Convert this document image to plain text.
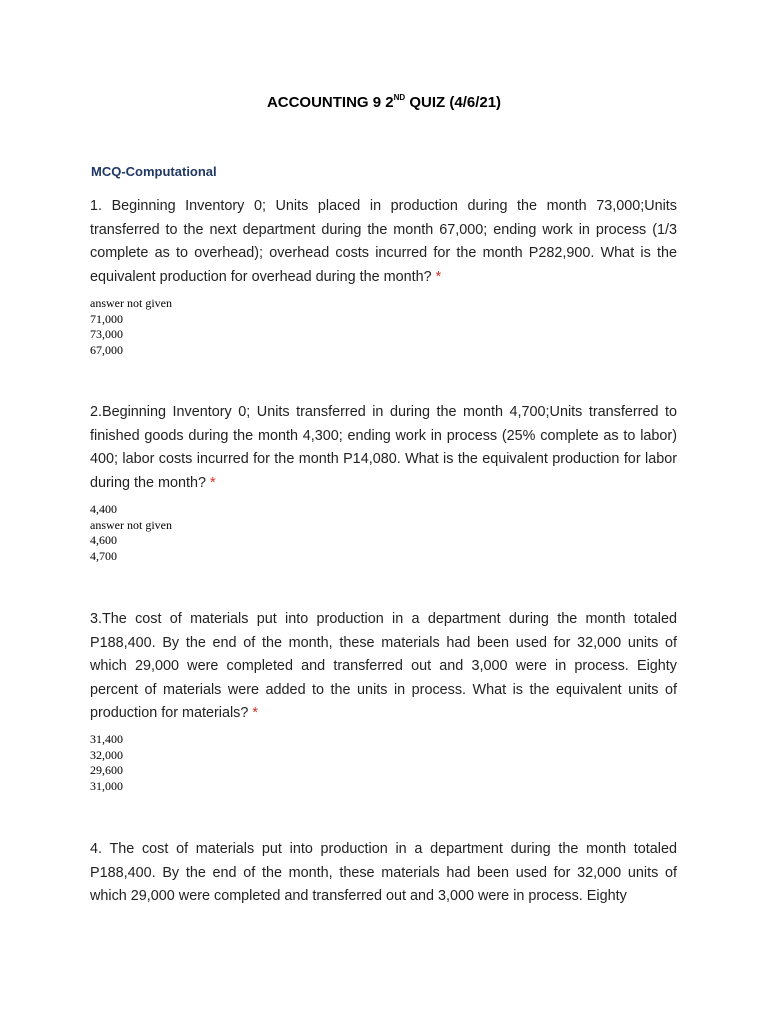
ACCOUNTING 9 2ND QUIZ (4/6/21)
MCQ-Computational
1. Beginning Inventory 0; Units placed in production during the month 73,000;Units transferred to the next department during the month 67,000; ending work in process (1/3 complete as to overhead); overhead costs incurred for the month P282,900. What is the equivalent production for overhead during the month? *
answer not given
71,000
73,000
67,000
2.Beginning Inventory 0; Units transferred in during the month 4,700;Units transferred to finished goods during the month 4,300; ending work in process (25% complete as to labor) 400; labor costs incurred for the month P14,080. What is the equivalent production for labor during the month? *
4,400
answer not given
4,600
4,700
3.The cost of materials put into production in a department during the month totaled P188,400. By the end of the month, these materials had been used for 32,000 units of which 29,000 were completed and transferred out and 3,000 were in process. Eighty percent of materials were added to the units in process. What is the equivalent units of production for materials? *
31,400
32,000
29,600
31,000
4. The cost of materials put into production in a department during the month totaled P188,400. By the end of the month, these materials had been used for 32,000 units of which 29,000 were completed and transferred out and 3,000 were in process. Eighty
